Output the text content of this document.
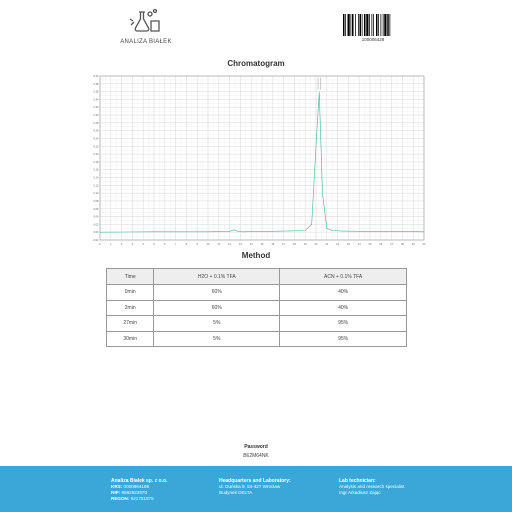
ANALIZA BIAŁEK	100006428
Chromatogram
0	1	2	3	4	5	6	7	8	9	10	11	12	13	14	15	16	17	18	19	20	21	22	23	24	25	26	27	28	29	30
-0.02
0.00
0.02
0.04
0.06
0.08
0.10
0.12
0.14
0.16
0.18
0.20
0.22
0.24
0.26
0.28
0.30
0.32
0.34
0.36
0.38
0.40
Method
Time	H2O + 0.1% TFA	ACN + 0.1% TFA
0min	60%	40%
2min	60%	40%
27min	5%	95%
30min	5%	95%
Password
B62M64NK
Analiza Białek sp. z o.o.
KRS: 0000964168
NIP: 8992923970
REGON: 521751875
Headquarters and Laboratory:
ul. Duńska 9, 54-427 Wrocław
Budynek DELTA
Lab technician:
Analysis and research specialist
mgr Arkadiusz Zając
